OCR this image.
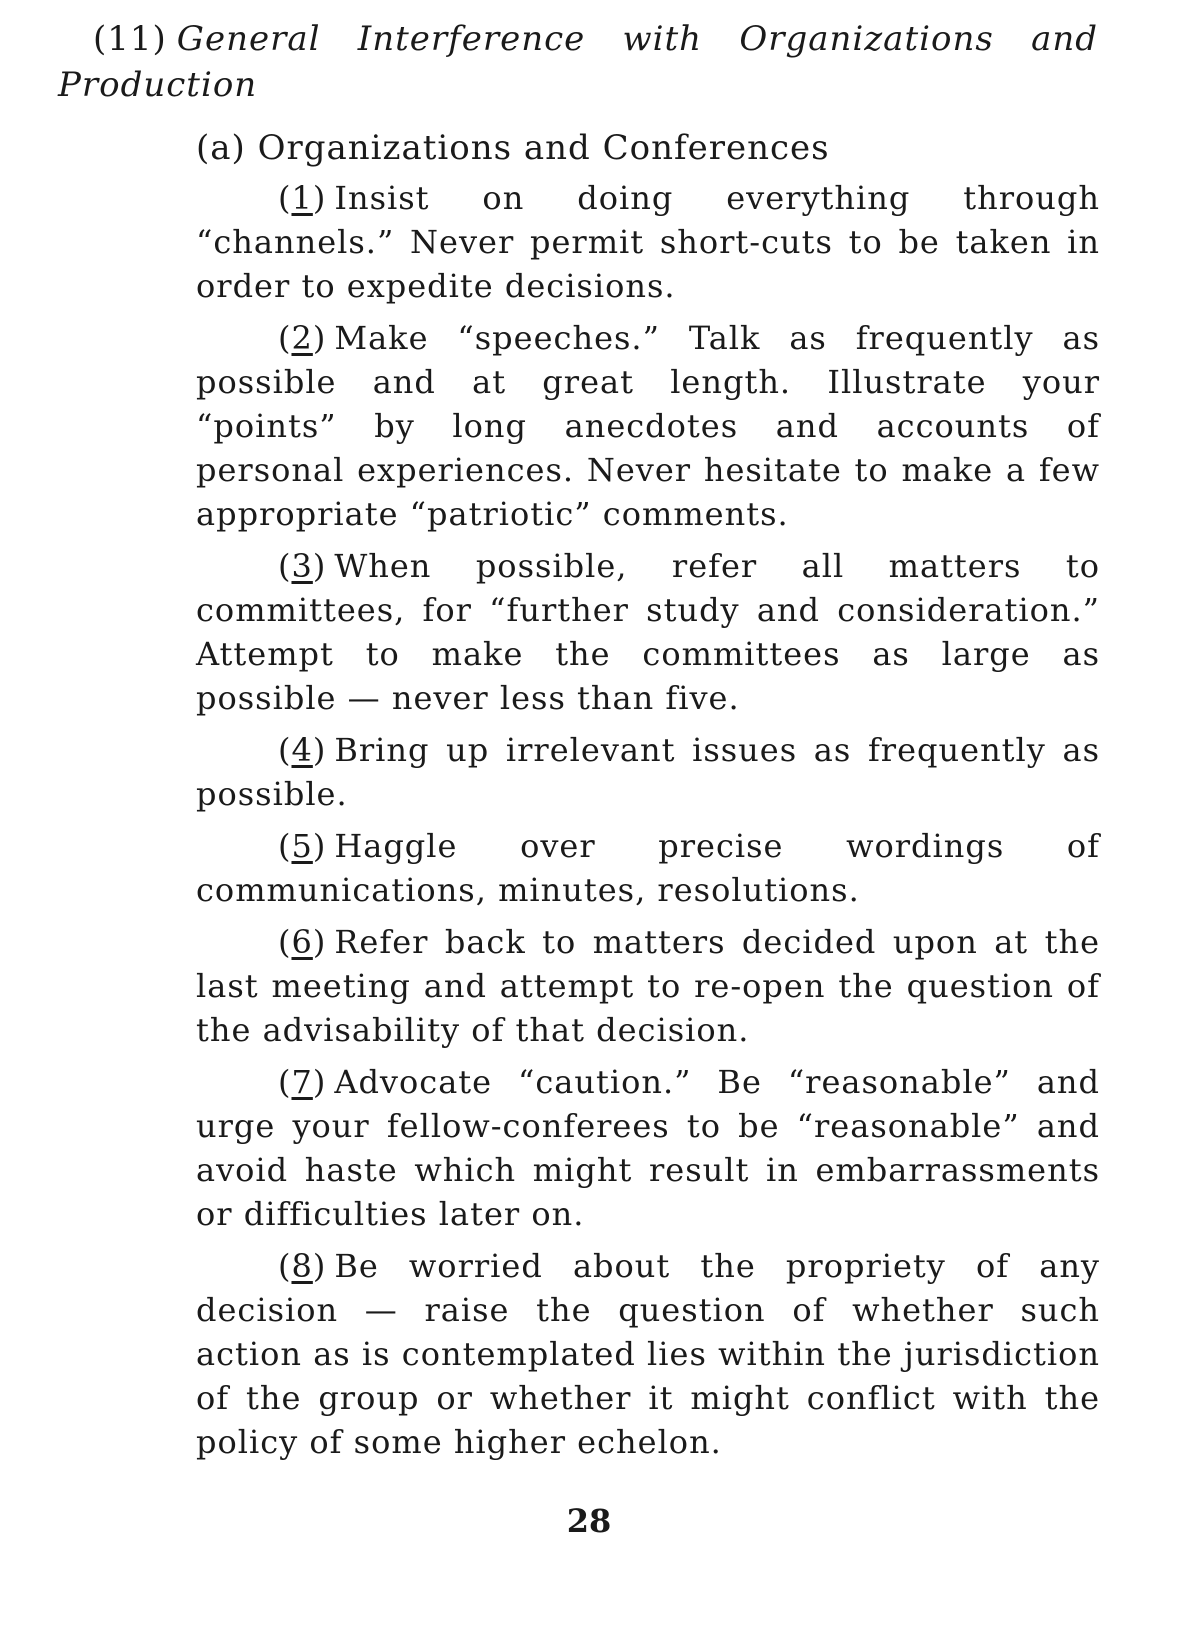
(11) General Interference with Organizations and Production
(a) Organizations and Conferences

(1) Insist on doing everything through “channels.” Never permit short-cuts to be taken in order to expedite decisions.

(2) Make “speeches.” Talk as frequently as possible and at great length. Illustrate your “points” by long anecdotes and accounts of personal experiences. Never hesitate to make a few appropriate “patriotic” comments.

(3) When possible, refer all matters to committees, for “further study and consideration.” Attempt to make the committees as large as possible — never less than five.

(4) Bring up irrelevant issues as frequently as possible.

(5) Haggle over precise wordings of communications, minutes, resolutions.

(6) Refer back to matters decided upon at the last meeting and attempt to re-open the question of the advisability of that decision.

(7) Advocate “caution.” Be “reasonable” and urge your fellow-conferees to be “reasonable” and avoid haste which might result in embarrassments or difficulties later on.

(8) Be worried about the propriety of any decision — raise the question of whether such action as is contemplated lies within the jurisdiction of the group or whether it might conflict with the policy of some higher echelon.

28
